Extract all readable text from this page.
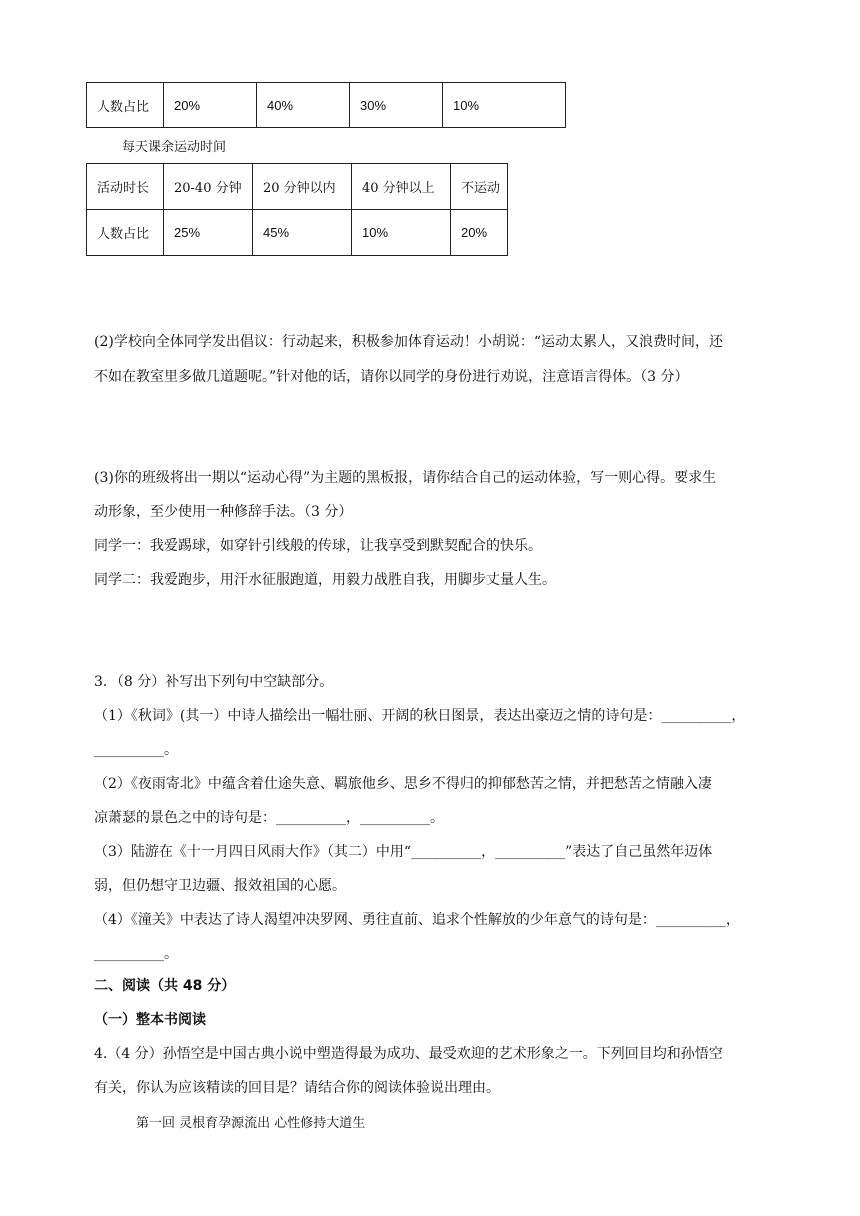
人数占比	20%	40%	30%	10%
每天课余运动时间
活动时长	20-40 分钟	20 分钟以内	40 分钟以上	不运动
人数占比	25%	45%	10%	20%
(2)学校向全体同学发出倡议：行动起来，积极参加体育运动！小胡说：“运动太累人，又浪费时间，还
不如在教室里多做几道题呢。”针对他的话，请你以同学的身份进行劝说，注意语言得体。（3 分）
(3)你的班级将出一期以“运动心得”为主题的黑板报，请你结合自己的运动体验，写一则心得。要求生
动形象，至少使用一种修辞手法。（3 分）
同学一：我爱踢球，如穿针引线般的传球，让我享受到默契配合的快乐。
同学二：我爱跑步，用汗水征服跑道，用毅力战胜自我，用脚步丈量人生。
3．（8 分）补写出下列句中空缺部分。
（1）《秋词》(其一）中诗人描绘出一幅壮丽、开阔的秋日图景，表达出豪迈之情的诗句是：__________，
__________。
（2）《夜雨寄北》中蕴含着仕途失意、羁旅他乡、思乡不得归的抑郁愁苦之情，并把愁苦之情融入凄
凉萧瑟的景色之中的诗句是：__________，__________。
（3）陆游在《十一月四日风雨大作》（其二）中用“__________，__________”表达了自己虽然年迈体
弱，但仍想守卫边疆、报效祖国的心愿。
（4）《潼关》中表达了诗人渴望冲决罗网、勇往直前、追求个性解放的少年意气的诗句是：__________，
__________。
二、阅读（共 48 分）
（一）整本书阅读
4.（4 分）孙悟空是中国古典小说中塑造得最为成功、最受欢迎的艺术形象之一。下列回目均和孙悟空
有关，你认为应该精读的回目是？请结合你的阅读体验说出理由。
第一回 灵根育孕源流出 心性修持大道生
